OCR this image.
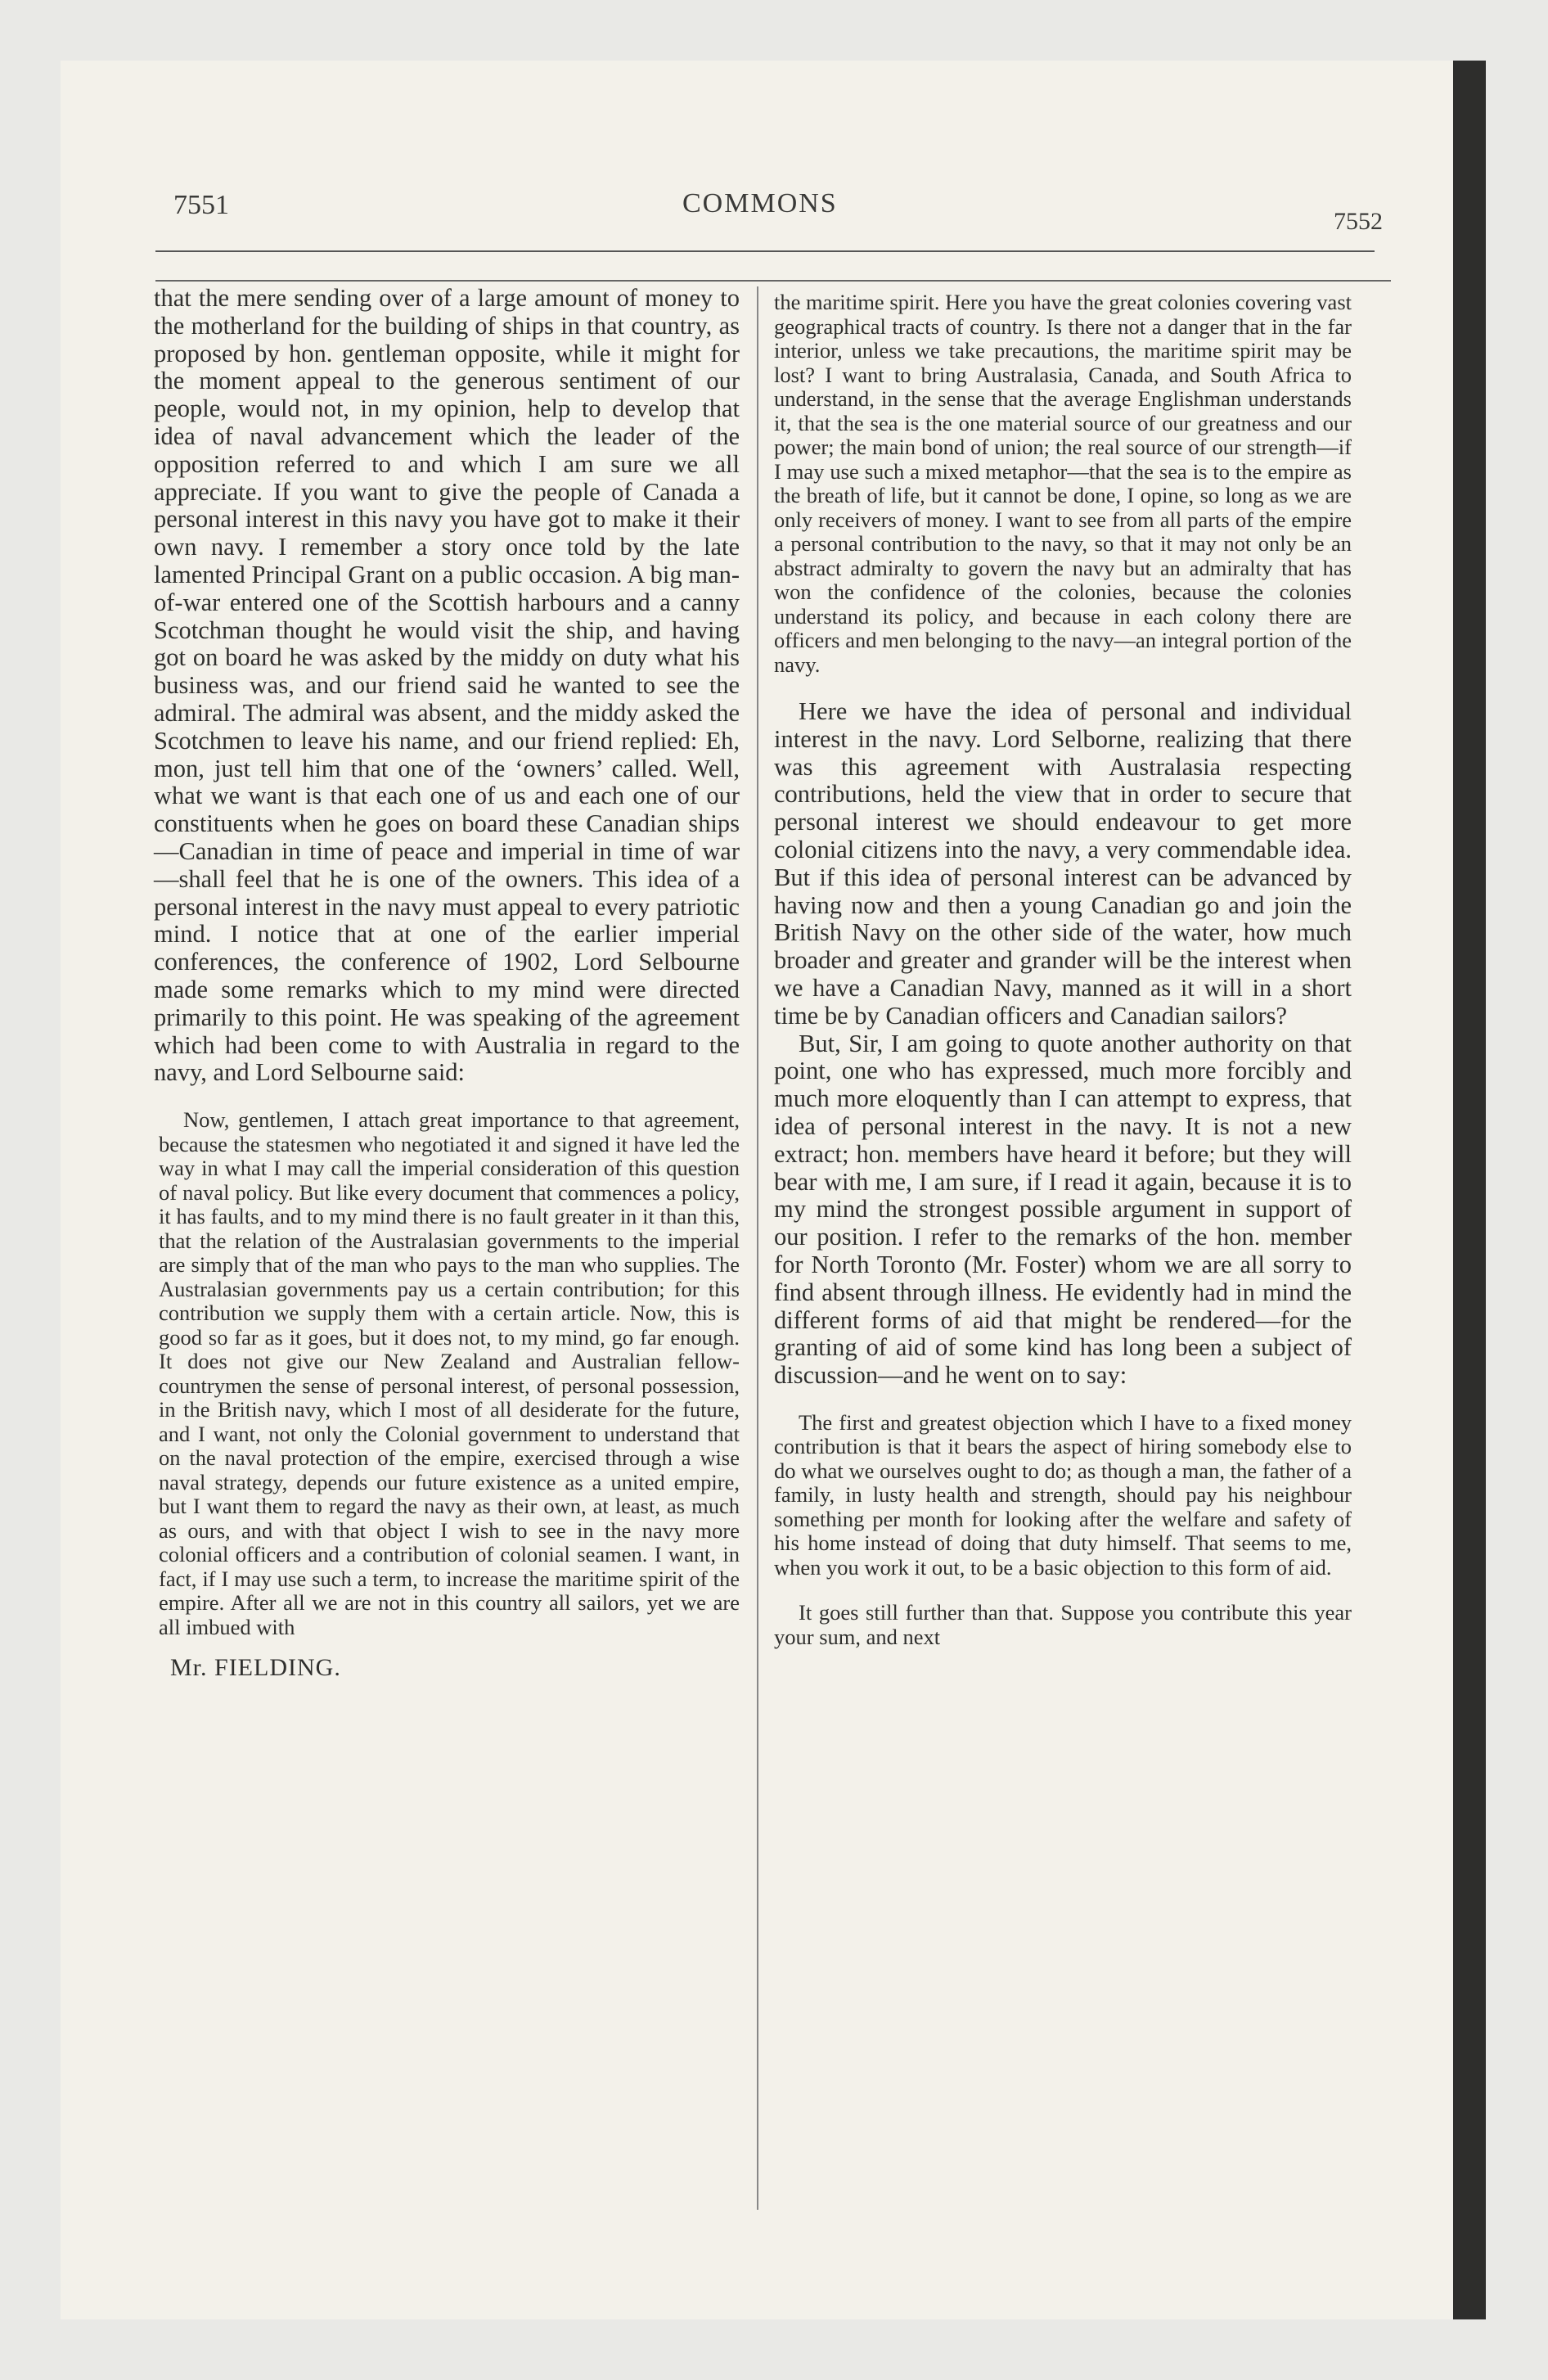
7551	COMMONS
7552

that the mere sending over of a large amount of money to the motherland for the building of ships in that country, as proposed by hon. gentleman opposite, while it might for the moment appeal to the generous sentiment of our people, would not, in my opinion, help to develop that idea of naval advancement which the leader of the opposition referred to and which I am sure we all appreciate. If you want to give the people of Canada a personal interest in this navy you have got to make it their own navy. I remember a story once told by the late lamented Principal Grant on a public occasion. A big man-of-war entered one of the Scottish harbours and a canny Scotchman thought he would visit the ship, and having got on board he was asked by the middy on duty what his business was, and our friend said he wanted to see the admiral. The admiral was absent, and the middy asked the Scotchmen to leave his name, and our friend replied: Eh, mon, just tell him that one of the ‘owners’ called. Well, what we want is that each one of us and each one of our constituents when he goes on board these Canadian ships—Canadian in time of peace and imperial in time of war—shall feel that he is one of the owners. This idea of a personal interest in the navy must appeal to every patriotic mind. I notice that at one of the earlier imperial conferences, the conference of 1902, Lord Selbourne made some remarks which to my mind were directed primarily to this point. He was speaking of the agreement which had been come to with Australia in regard to the navy, and Lord Selbourne said:

Now, gentlemen, I attach great importance to that agreement, because the statesmen who negotiated it and signed it have led the way in what I may call the imperial consideration of this question of naval policy. But like every document that commences a policy, it has faults, and to my mind there is no fault greater in it than this, that the relation of the Australasian governments to the imperial are simply that of the man who pays to the man who supplies. The Australasian governments pay us a certain contribution; for this contribution we supply them with a certain article. Now, this is good so far as it goes, but it does not, to my mind, go far enough. It does not give our New Zealand and Australian fellow-countrymen the sense of personal interest, of personal possession, in the British navy, which I most of all desiderate for the future, and I want, not only the Colonial government to understand that on the naval protection of the empire, exercised through a wise naval strategy, depends our future existence as a united empire, but I want them to regard the navy as their own, at least, as much as ours, and with that object I wish to see in the navy more colonial officers and a contribution of colonial seamen. I want, in fact, if I may use such a term, to increase the maritime spirit of the empire. After all we are not in this country all sailors, yet we are all imbued with

Mr. FIELDING.

the maritime spirit. Here you have the great colonies covering vast geographical tracts of country. Is there not a danger that in the far interior, unless we take precautions, the maritime spirit may be lost? I want to bring Australasia, Canada, and South Africa to understand, in the sense that the average Englishman understands it, that the sea is the one material source of our greatness and our power; the main bond of union; the real source of our strength—if I may use such a mixed metaphor—that the sea is to the empire as the breath of life, but it cannot be done, I opine, so long as we are only receivers of money. I want to see from all parts of the empire a personal contribution to the navy, so that it may not only be an abstract admiralty to govern the navy but an admiralty that has won the confidence of the colonies, because the colonies understand its policy, and because in each colony there are officers and men belonging to the navy—an integral portion of the navy.

Here we have the idea of personal and individual interest in the navy. Lord Selborne, realizing that there was this agreement with Australasia respecting contributions, held the view that in order to secure that personal interest we should endeavour to get more colonial citizens into the navy, a very commendable idea. But if this idea of personal interest can be advanced by having now and then a young Canadian go and join the British Navy on the other side of the water, how much broader and greater and grander will be the interest when we have a Canadian Navy, manned as it will in a short time be by Canadian officers and Canadian sailors?

But, Sir, I am going to quote another authority on that point, one who has expressed, much more forcibly and much more eloquently than I can attempt to express, that idea of personal interest in the navy. It is not a new extract; hon. members have heard it before; but they will bear with me, I am sure, if I read it again, because it is to my mind the strongest possible argument in support of our position. I refer to the remarks of the hon. member for North Toronto (Mr. Foster) whom we are all sorry to find absent through illness. He evidently had in mind the different forms of aid that might be rendered—for the granting of aid of some kind has long been a subject of discussion—and he went on to say:

The first and greatest objection which I have to a fixed money contribution is that it bears the aspect of hiring somebody else to do what we ourselves ought to do; as though a man, the father of a family, in lusty health and strength, should pay his neighbour something per month for looking after the welfare and safety of his home instead of doing that duty himself. That seems to me, when you work it out, to be a basic objection to this form of aid.

It goes still further than that. Suppose you contribute this year your sum, and next
